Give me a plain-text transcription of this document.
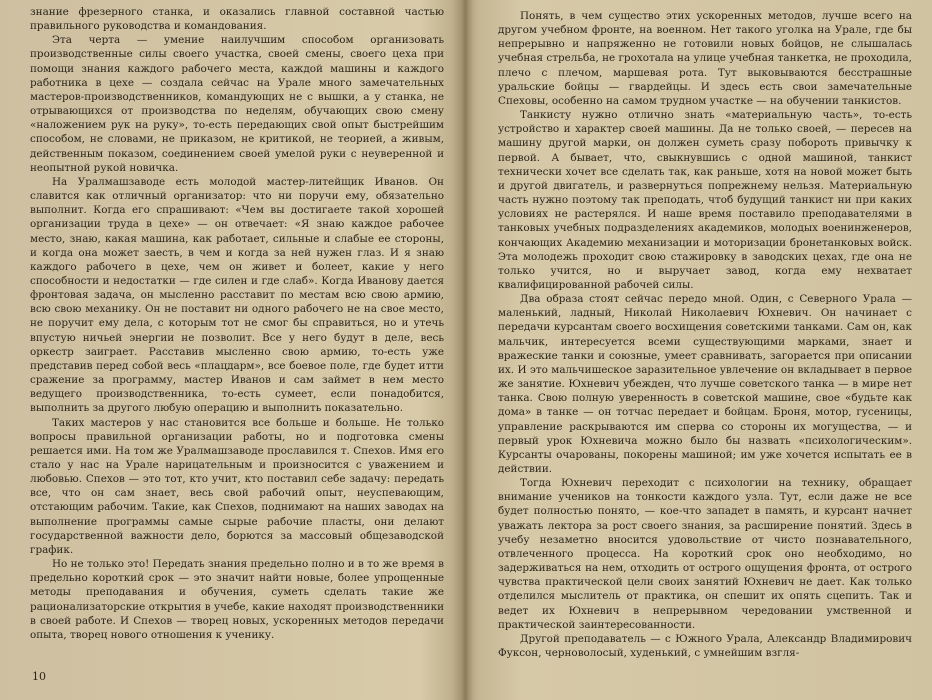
знание фрезерного станка, и оказались главной составной частью правильного руководства и командования.

Эта черта — умение наилучшим способом организовать производственные силы своего участка, своей смены, своего цеха при помощи знания каждого рабочего места, каждой машины и каждого работника в цехе — создала сейчас на Урале много замечательных мастеров-производственников, командующих не с вышки, а у станка, не отрывающихся от производства по неделям, обучающих свою смену «наложением рук на руку», то-есть передающих свой опыт быстрейшим способом, не словами, не приказом, не критикой, не теорией, а живым, действенным показом, соединением своей умелой руки с неуверенной и неопытной рукой новичка.

На Уралмашзаводе есть молодой мастер-литейщик Иванов. Он славится как отличный организатор: что ни поручи ему, обязательно выполнит. Когда его спрашивают: «Чем вы достигаете такой хорошей организации труда в цехе» — он отвечает: «Я знаю каждое рабочее место, знаю, какая машина, как работает, сильные и слабые ее стороны, и когда она может заесть, в чем и когда за ней нужен глаз. И я знаю каждого рабочего в цехе, чем он живет и болеет, какие у него способности и недостатки — где силен и где слаб». Когда Иванову дается фронтовая задача, он мысленно расставит по местам всю свою армию, всю свою механику. Он не поставит ни одного рабочего не на свое место, не поручит ему дела, с которым тот не смог бы справиться, но и утечь впустую ничьей энергии не позволит. Все у него будут в деле, весь оркестр заиграет. Расставив мысленно свою армию, то-есть уже представив перед собой весь «плацдарм», все боевое поле, где будет итти сражение за программу, мастер Иванов и сам займет в нем место ведущего производственника, то-есть сумеет, если понадобится, выполнить за другого любую операцию и выполнить показательно.

Таких мастеров у нас становится все больше и больше. Не только вопросы правильной организации работы, но и подготовка смены решается ими. На том же Уралмашзаводе прославился т. Спехов. Имя его стало у нас на Урале нарицательным и произносится с уважением и любовью. Спехов — это тот, кто учит, кто поставил себе задачу: передать все, что он сам знает, весь свой рабочий опыт, неуспевающим, отстающим рабочим. Такие, как Спехов, поднимают на наших заводах на выполнение программы самые сырые рабочие пласты, они делают государственной важности дело, борются за массовый общезаводской график.

Но не только это! Передать знания предельно полно и в то же время в предельно короткий срок — это значит найти новые, более упрощенные методы преподавания и обучения, суметь сделать такие же рационализаторские открытия в учебе, какие находят производственники в своей работе. И Спехов — творец новых, ускоренных методов передачи опыта, творец нового отношения к ученику.

10

Понять, в чем существо этих ускоренных методов, лучше всего на другом учебном фронте, на военном. Нет такого уголка на Урале, где бы непрерывно и напряженно не готовили новых бойцов, не слышалась учебная стрельба, не грохотала на улице учебная танкетка, не проходила, плечо с плечом, маршевая рота. Тут выковываются бесстрашные уральские бойцы — гвардейцы. И здесь есть свои замечательные Спеховы, особенно на самом трудном участке — на обучении танкистов.

Танкисту нужно отлично знать «материальную часть», то-есть устройство и характер своей машины. Да не только своей, — пересев на машину другой марки, он должен суметь сразу побороть привычку к первой. А бывает, что, свыкнувшись с одной машиной, танкист технически хочет все сделать так, как раньше, хотя на новой может быть и другой двигатель, и развернуться попрежнему нельзя. Материальную часть нужно поэтому так преподать, чтоб будущий танкист ни при каких условиях не растерялся. И наше время поставило преподавателями в танковых учебных подразделениях академиков, молодых военинженеров, кончающих Академию механизации и моторизации бронетанковых войск. Эта молодежь проходит свою стажировку в заводских цехах, где она не только учится, но и выручает завод, когда ему нехватает квалифицированной рабочей силы.

Два образа стоят сейчас передо мной. Один, с Северного Урала — маленький, ладный, Николай Николаевич Юхневич. Он начинает с передачи курсантам своего восхищения советскими танками. Сам он, как мальчик, интересуется всеми существующими марками, знает и вражеские танки и союзные, умеет сравнивать, загорается при описании их. И это мальчишеское заразительное увлечение он вкладывает в первое же занятие. Юхневич убежден, что лучше советского танка — в мире нет танка. Свою полную уверенность в советской машине, свое «будьте как дома» в танке — он тотчас передает и бойцам. Броня, мотор, гусеницы, управление раскрываются им сперва со стороны их могущества, — и первый урок Юхневича можно было бы назвать «психологическим». Курсанты очарованы, покорены машиной; им уже хочется испытать ее в действии.

Тогда Юхневич переходит с психологии на технику, обращает внимание учеников на тонкости каждого узла. Тут, если даже не все будет полностью понято, — кое-что западет в память, и курсант начнет уважать лектора за рост своего знания, за расширение понятий. Здесь в учебу незаметно вносится удовольствие от чисто познавательного, отвлеченного процесса. На короткий срок оно необходимо, но задерживаться на нем, отходить от острого ощущения фронта, от острого чувства практической цели своих занятий Юхневич не дает. Как только отделился мыслитель от практика, он спешит их опять сцепить. Так и ведет их Юхневич в непрерывном чередовании умственной и практической заинтересованности.

Другой преподаватель — с Южного Урала, Александр Владимирович Фуксон, черноволосый, худенький, с умнейшим взгля-
